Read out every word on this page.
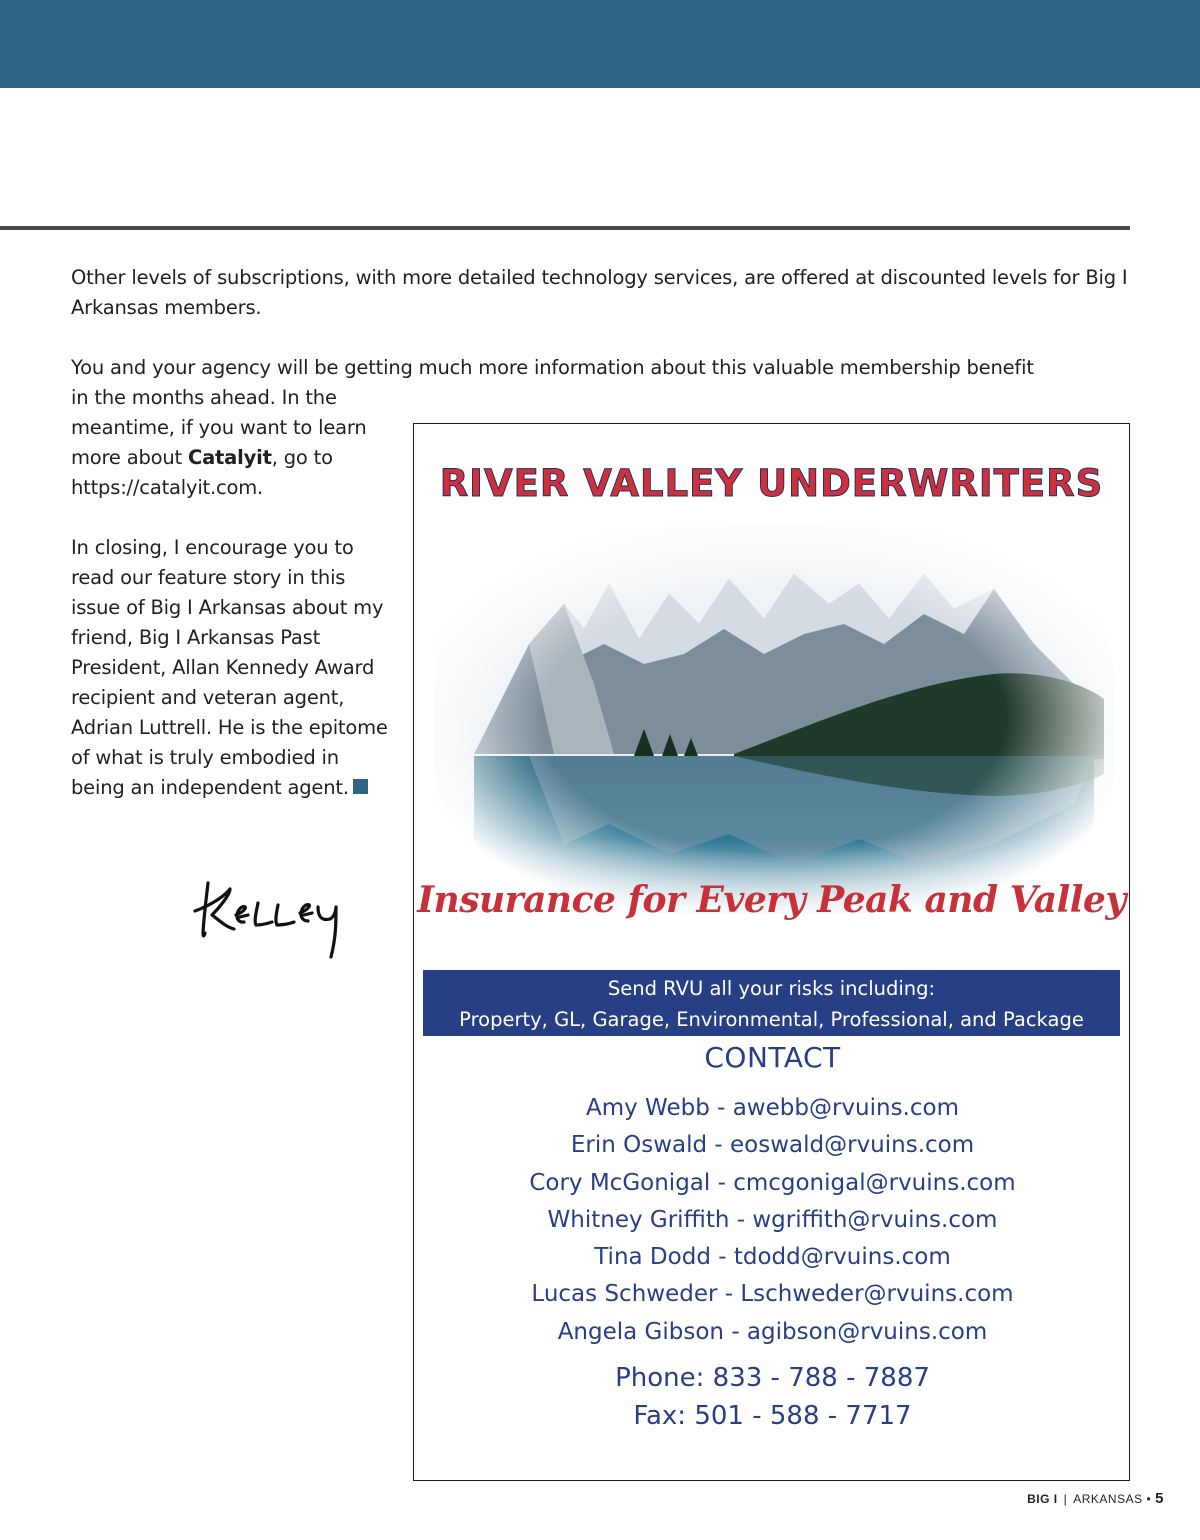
Other levels of subscriptions, with more detailed technology services, are offered at discounted levels for Big I Arkansas members.

You and your agency will be getting much more information about this valuable membership benefit

in the months ahead. In the meantime, if you want to learn more about Catalyit, go to https://catalyit.com.

In closing, I encourage you to read our feature story in this issue of Big I Arkansas about my friend, Big I Arkansas Past President, Allan Kennedy Award recipient and veteran agent, Adrian Luttrell. He is the epitome of what is truly embodied in being an independent agent.

RIVER VALLEY UNDERWRITERS
Insurance for Every Peak and Valley
Send RVU all your risks including:
Property, GL, Garage, Environmental, Professional, and Package
CONTACT
Amy Webb - awebb@rvuins.com
Erin Oswald - eoswald@rvuins.com
Cory McGonigal - cmcgonigal@rvuins.com
Whitney Griffith - wgriffith@rvuins.com
Tina Dodd - tdodd@rvuins.com
Lucas Schweder - Lschweder@rvuins.com
Angela Gibson - agibson@rvuins.com
Phone: 833 - 788 - 7887
Fax: 501 - 588 - 7717
BIG I | ARKANSAS • 5
